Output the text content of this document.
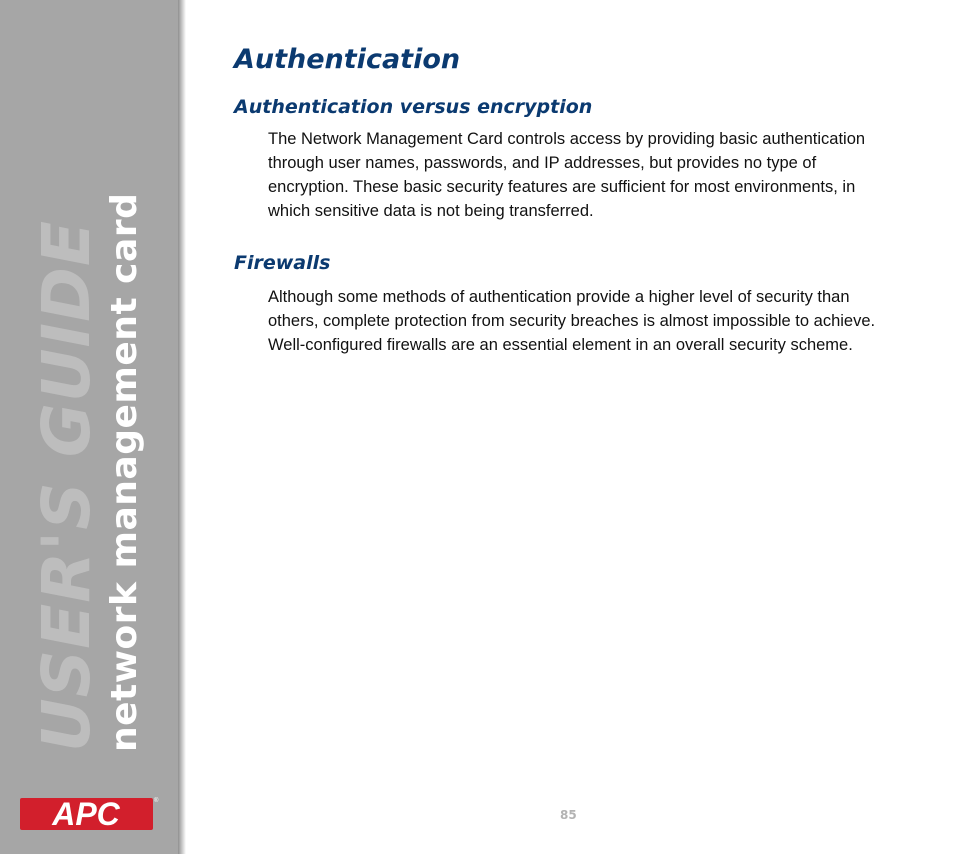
USER'S GUIDE network management card
APC	®
Authentication
Authentication versus encryption

The Network Management Card controls access by providing basic authentication through user names, passwords, and IP addresses, but provides no type of encryption. These basic security features are sufficient for most environments, in which sensitive data is not being transferred.

Firewalls

Although some methods of authentication provide a higher level of security than others, complete protection from security breaches is almost impossible to achieve. Well-configured firewalls are an essential element in an overall security scheme.

85
